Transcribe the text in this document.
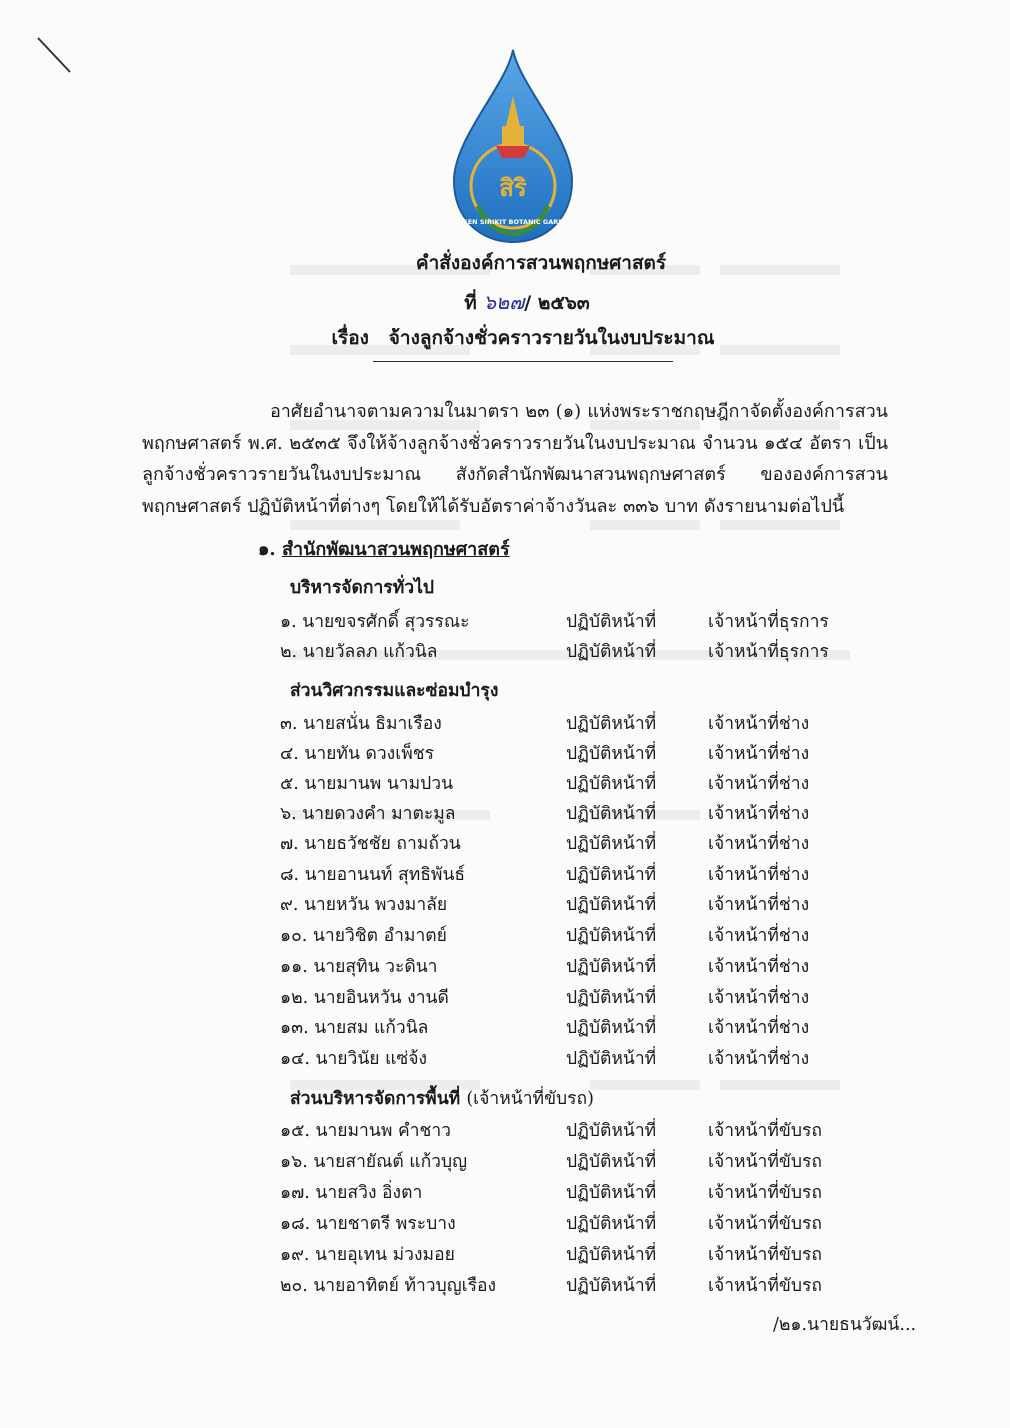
สิริ
QUEEN SIRIKIT BOTANIC GARDEN
คำสั่งองค์การสวนพฤกษศาสตร์
ที่ ๖๒๗/ ๒๕๖๓
เรื่อง จ้างลูกจ้างชั่วคราวรายวันในงบประมาณ
อาศัยอำนาจตามความในมาตรา ๒๓ (๑) แห่งพระราชกฤษฎีกาจัดตั้งองค์การสวนพฤกษศาสตร์ พ.ศ. ๒๕๓๕ จึงให้จ้างลูกจ้างชั่วคราวรายวันในงบประมาณ จำนวน ๑๕๔ อัตรา เป็นลูกจ้างชั่วคราวรายวันในงบประมาณ สังกัดสำนักพัฒนาสวนพฤกษศาสตร์ ขององค์การสวนพฤกษศาสตร์ ปฏิบัติหน้าที่ต่างๆ โดยให้ได้รับอัตราค่าจ้างวันละ ๓๓๖ บาท ดังรายนามต่อไปนี้
๑. สำนักพัฒนาสวนพฤกษศาสตร์
บริหารจัดการทั่วไป
๑. นายขจรศักดิ์ สุวรรณะ	ปฏิบัติหน้าที่	เจ้าหน้าที่ธุรการ
๒. นายวัลลภ แก้วนิล	ปฏิบัติหน้าที่	เจ้าหน้าที่ธุรการ
ส่วนวิศวกรรมและซ่อมบำรุง
๓. นายสนั่น ธิมาเรือง	ปฏิบัติหน้าที่	เจ้าหน้าที่ช่าง
๔. นายทัน ดวงเพ็ชร	ปฏิบัติหน้าที่	เจ้าหน้าที่ช่าง
๕. นายมานพ นามปวน	ปฏิบัติหน้าที่	เจ้าหน้าที่ช่าง
๖. นายดวงคำ มาตะมูล	ปฏิบัติหน้าที่	เจ้าหน้าที่ช่าง
๗. นายธวัชชัย ถามถ้วน	ปฏิบัติหน้าที่	เจ้าหน้าที่ช่าง
๘. นายอานนท์ สุทธิพันธ์	ปฏิบัติหน้าที่	เจ้าหน้าที่ช่าง
๙. นายหวัน พวงมาลัย	ปฏิบัติหน้าที่	เจ้าหน้าที่ช่าง
๑๐. นายวิชิต อำมาตย์	ปฏิบัติหน้าที่	เจ้าหน้าที่ช่าง
๑๑. นายสุทิน วะดินา	ปฏิบัติหน้าที่	เจ้าหน้าที่ช่าง
๑๒. นายอินหวัน งานดี	ปฏิบัติหน้าที่	เจ้าหน้าที่ช่าง
๑๓. นายสม แก้วนิล	ปฏิบัติหน้าที่	เจ้าหน้าที่ช่าง
๑๔. นายวินัย แซ่จ้ง	ปฏิบัติหน้าที่	เจ้าหน้าที่ช่าง
ส่วนบริหารจัดการพื้นที่ (เจ้าหน้าที่ขับรถ)
๑๕. นายมานพ คำชาว	ปฏิบัติหน้าที่	เจ้าหน้าที่ขับรถ
๑๖. นายสายัณต์ แก้วบุญ	ปฏิบัติหน้าที่	เจ้าหน้าที่ขับรถ
๑๗. นายสวิง อิ่งตา	ปฏิบัติหน้าที่	เจ้าหน้าที่ขับรถ
๑๘. นายชาตรี พระบาง	ปฏิบัติหน้าที่	เจ้าหน้าที่ขับรถ
๑๙. นายอุเทน ม่วงมอย	ปฏิบัติหน้าที่	เจ้าหน้าที่ขับรถ
๒๐. นายอาทิตย์ ท้าวบุญเรือง	ปฏิบัติหน้าที่	เจ้าหน้าที่ขับรถ
/๒๑.นายธนวัฒน์...
